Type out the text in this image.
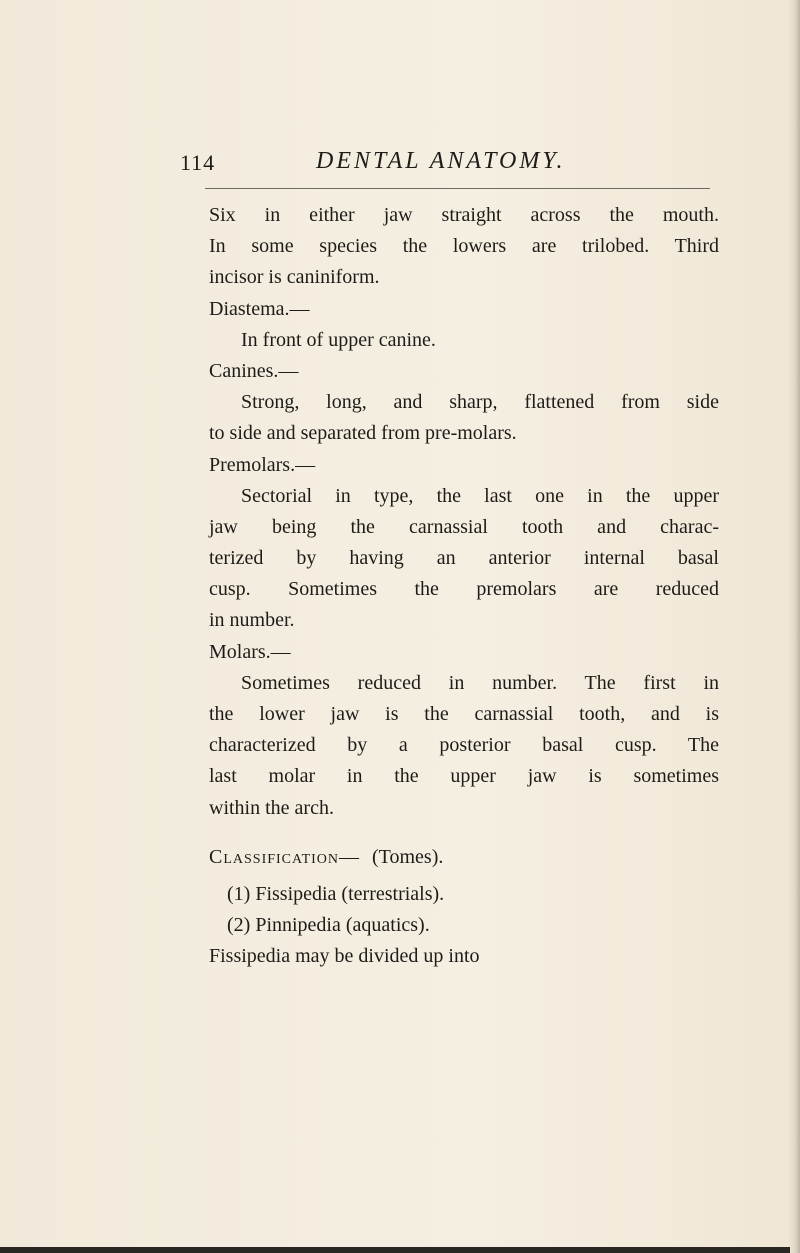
114	DENTAL ANATOMY.
Six in either jaw straight across the mouth.
In some species the lowers are trilobed. Third
incisor is caniniform.
Diastema.—
In front of upper canine.
Canines.—
Strong, long, and sharp, flattened from side
to side and separated from pre-molars.
Premolars.—
Sectorial in type, the last one in the upper
jaw being the carnassial tooth and charac-
terized by having an anterior internal basal
cusp. Sometimes the premolars are reduced
in number.
Molars.—
Sometimes reduced in number. The first in
the lower jaw is the carnassial tooth, and is
characterized by a posterior basal cusp. The
last molar in the upper jaw is sometimes
within the arch.
Classification— (Tomes).
(1) Fissipedia (terrestrials).
(2) Pinnipedia (aquatics).
Fissipedia may be divided up into
